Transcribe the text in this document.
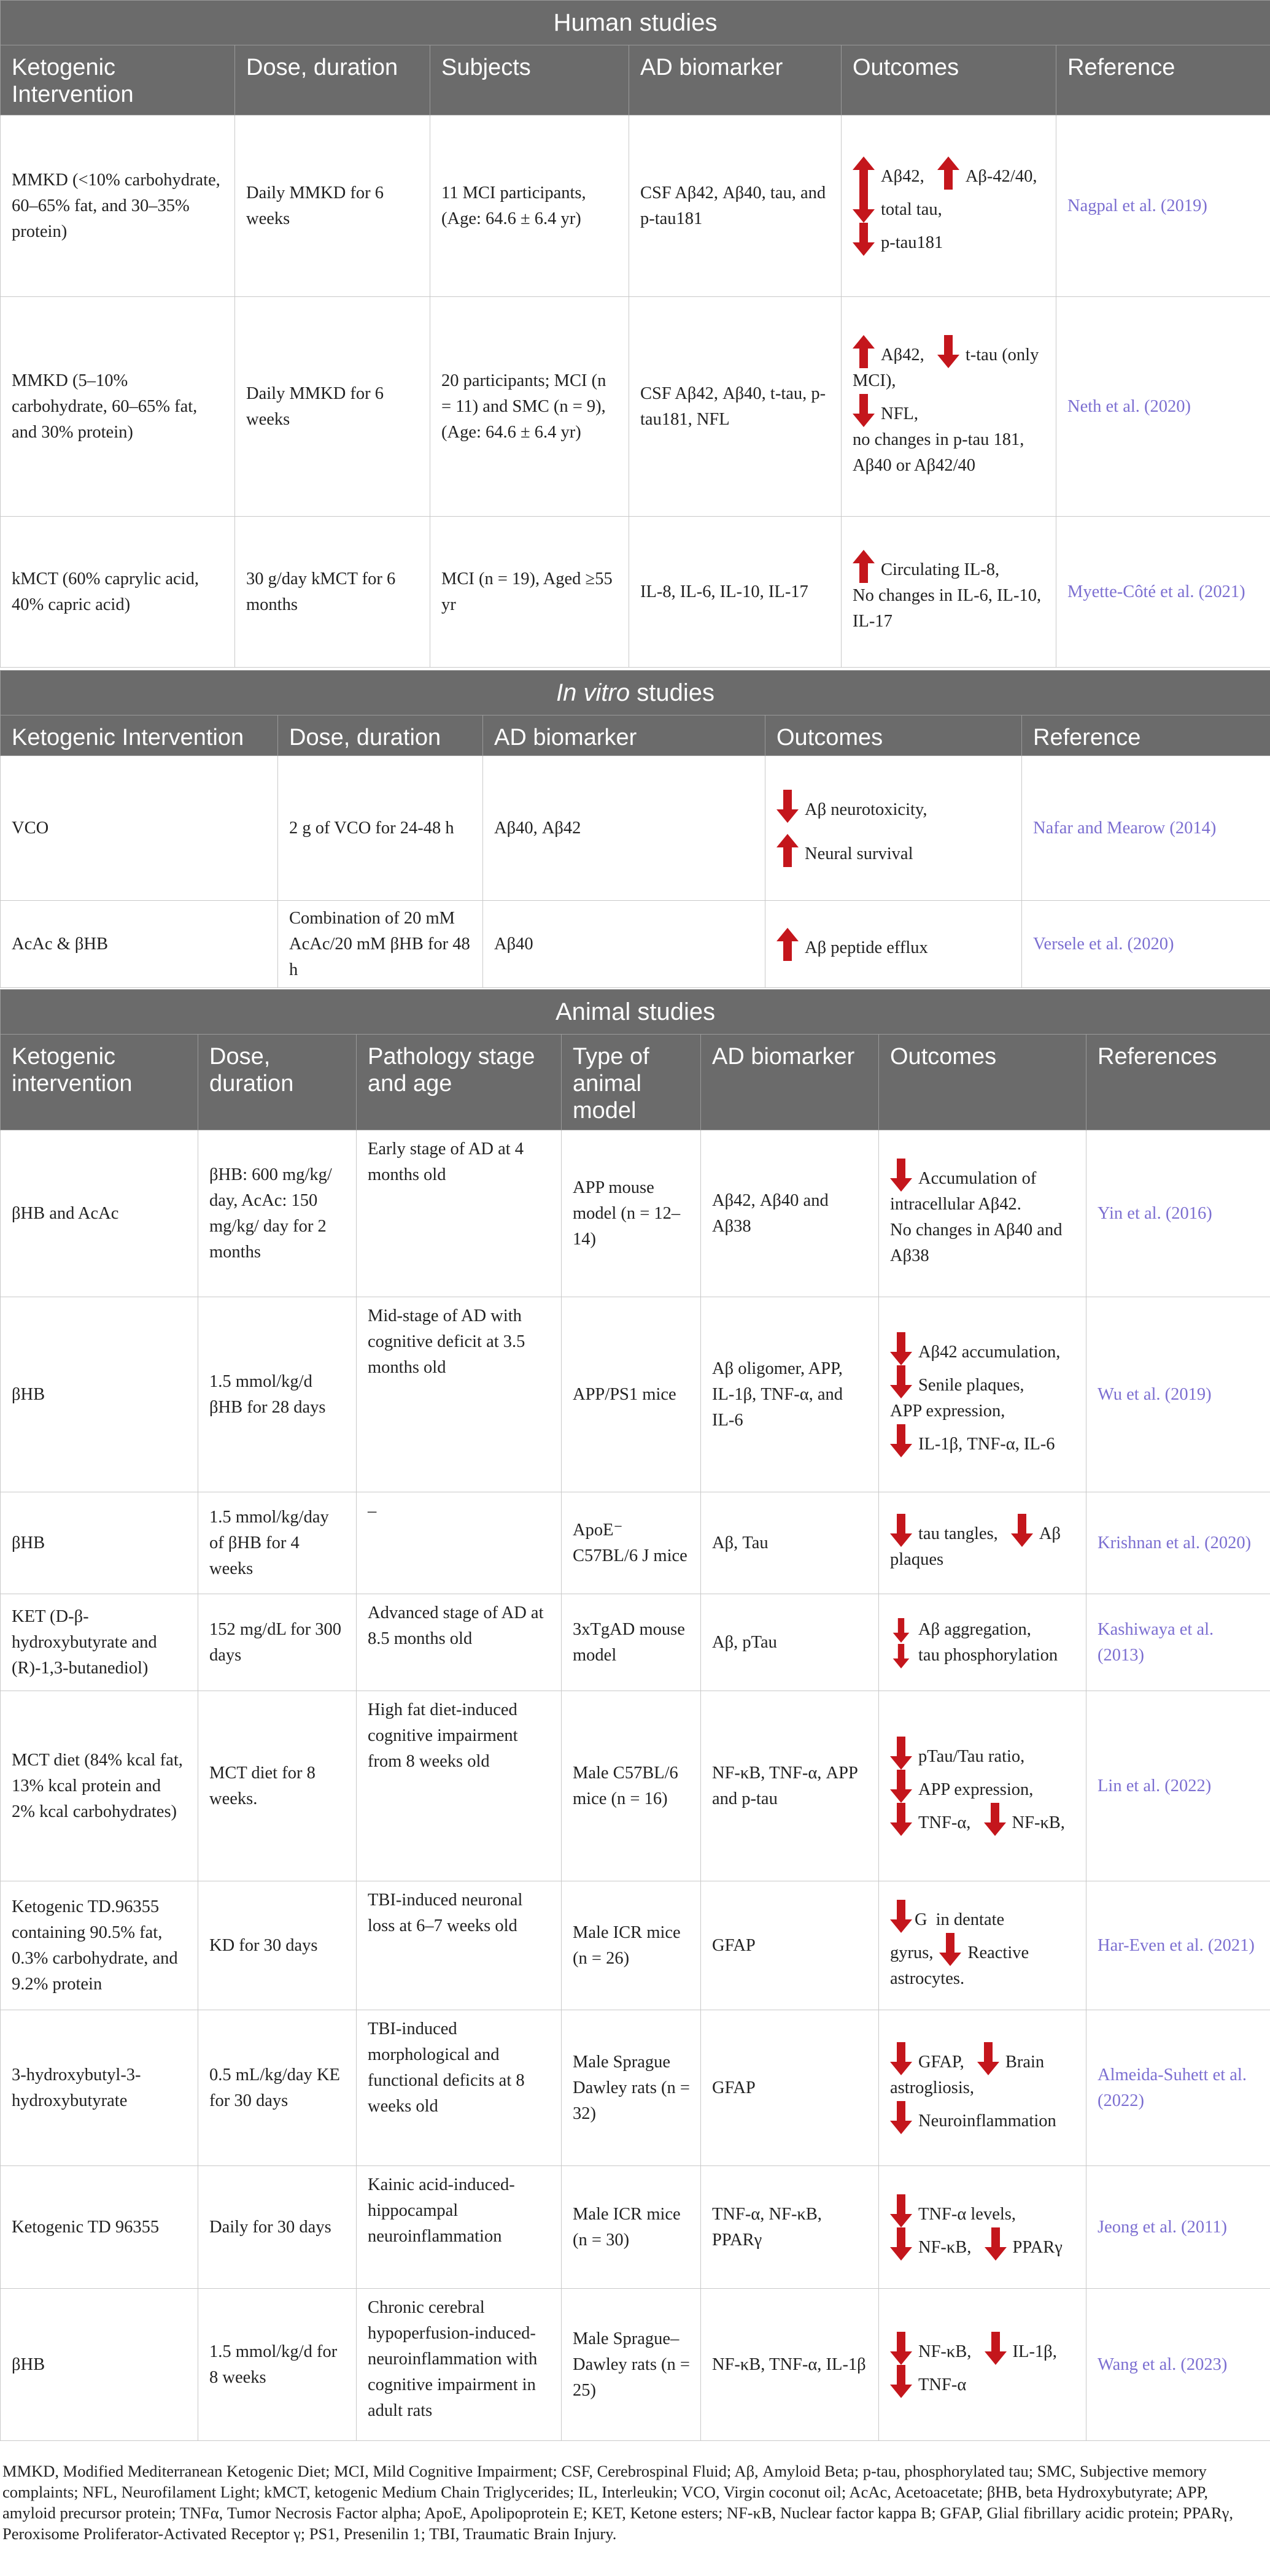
Human studies					
Ketogenic Intervention	Dose, duration	Subjects	AD biomarker	Outcomes	Reference
MMKD (<10% carbohydrate, 60–65% fat, and 30–35% protein)	Daily MMKD for 6 weeks	11 MCI participants, (Age: 64.6 ± 6.4 yr)	CSF Aβ42, Aβ40, tau, and p-tau181	Aβ42, Aβ-42/40,
total tau,
p-tau181	Nagpal et al. (2019)
MMKD (5–10% carbohydrate, 60–65% fat, and 30% protein)	Daily MMKD for 6 weeks	20 participants; MCI (n = 11) and SMC (n = 9), (Age: 64.6 ± 6.4 yr)	CSF Aβ42, Aβ40, t-tau, p-tau181, NFL	Aβ42, t-tau (only MCI),
NFL,
no changes in p-tau 181, Aβ40 or Aβ42/40	Neth et al. (2020)
kMCT (60% caprylic acid, 40% capric acid)	30 g/day kMCT for 6 months	MCI (n = 19), Aged ≥55 yr	IL-8, IL-6, IL-10, IL-17	Circulating IL-8,
No changes in IL-6, IL-10, IL-17	Myette-Côté et al. (2021)
In vitro studies				
Ketogenic Intervention	Dose, duration	AD biomarker	Outcomes	Reference
VCO	2 g of VCO for 24-48 h	Aβ40, Aβ42	Aβ neurotoxicity,
Neural survival	Nafar and Mearow (2014)
AcAc & βHB	Combination of 20 mM AcAc/20 mM βHB for 48 h	Aβ40	Aβ peptide efflux	Versele et al. (2020)
Animal studies						
Ketogenic intervention	Dose, duration	Pathology stage and age	Type of animal model	AD biomarker	Outcomes	References
βHB and AcAc	βHB: 600 mg/kg/ day, AcAc: 150 mg/kg/ day for 2 months	Early stage of AD at 4 months old	APP mouse model (n = 12–14)	Aβ42, Aβ40 and Aβ38	Accumulation of intracellular Aβ42.
No changes in Aβ40 and Aβ38	Yin et al. (2016)
βHB	1.5 mmol/kg/d βHB for 28 days	Mid-stage of AD with cognitive deficit at 3.5 months old	APP/PS1 mice	Aβ oligomer, APP, IL-1β, TNF-α, and IL-6	Aβ42 accumulation,
Senile plaques,
APP expression,
IL-1β, TNF-α, IL-6	Wu et al. (2019)
βHB	1.5 mmol/kg/day of βHB for 4 weeks	–	ApoE⁻ C57BL/6 J mice	Aβ, Tau	tau tangles, Aβ
plaques	Krishnan et al. (2020)
KET (D-β-hydroxybutyrate and (R)-1,3-butanediol)	152 mg/dL for 300 days	Advanced stage of AD at 8.5 months old	3xTgAD mouse model	Aβ, pTau	Aβ aggregation,
tau phosphorylation	Kashiwaya et al. (2013)
MCT diet (84% kcal fat, 13% kcal protein and 2% kcal carbohydrates)	MCT diet for 8 weeks.	High fat diet-induced cognitive impairment from 8 weeks old	Male C57BL/6 mice (n = 16)	NF-κB, TNF-α, APP and p-tau	pTau/Tau ratio,
APP expression,
TNF-α, NF-κB,	Lin et al. (2022)
Ketogenic TD.96355 containing 90.5% fat, 0.3% carbohydrate, and 9.2% protein	KD for 30 days	TBI-induced neuronal loss at 6–7 weeks old	Male ICR mice (n = 26)	GFAP	G⁠ in dentate
gyrus, Reactive
astrocytes.	Har-Even et al. (2021)
3-hydroxybutyl-3-hydroxybutyrate	0.5 mL/kg/day KE for 30 days	TBI-induced morphological and functional deficits at 8 weeks old	Male Sprague Dawley rats (n = 32)	GFAP	GFAP, Brain
astrogliosis,
Neuroinflammation	Almeida-Suhett et al. (2022)
Ketogenic TD 96355	Daily for 30 days	Kainic acid-induced-hippocampal neuroinflammation	Male ICR mice (n = 30)	TNF-α, NF-κB, PPARγ	TNF-α levels,
NF-κB, PPARγ	Jeong et al. (2011)
βHB	1.5 mmol/kg/d for 8 weeks	Chronic cerebral hypoperfusion-induced-neuroinflammation with cognitive impairment in adult rats	Male Sprague–Dawley rats (n = 25)	NF-κB, TNF-α, IL-1β	NF-κB, IL-1β,
TNF-α	Wang et al. (2023)
MMKD, Modified Mediterranean Ketogenic Diet; MCI, Mild Cognitive Impairment; CSF, Cerebrospinal Fluid; Aβ, Amyloid Beta; p-tau, phosphorylated tau; SMC, Subjective memory complaints; NFL, Neurofilament Light; kMCT, ketogenic Medium Chain Triglycerides; IL, Interleukin; VCO, Virgin coconut oil; AcAc, Acetoacetate; βHB, beta Hydroxybutyrate; APP, amyloid precursor protein; TNFα, Tumor Necrosis Factor alpha; ApoE, Apolipoprotein E; KET, Ketone esters; NF-κB, Nuclear factor kappa B; GFAP, Glial fibrillary acidic protein; PPARγ, Peroxisome Proliferator-Activated Receptor γ; PS1, Presenilin 1; TBI, Traumatic Brain Injury.
